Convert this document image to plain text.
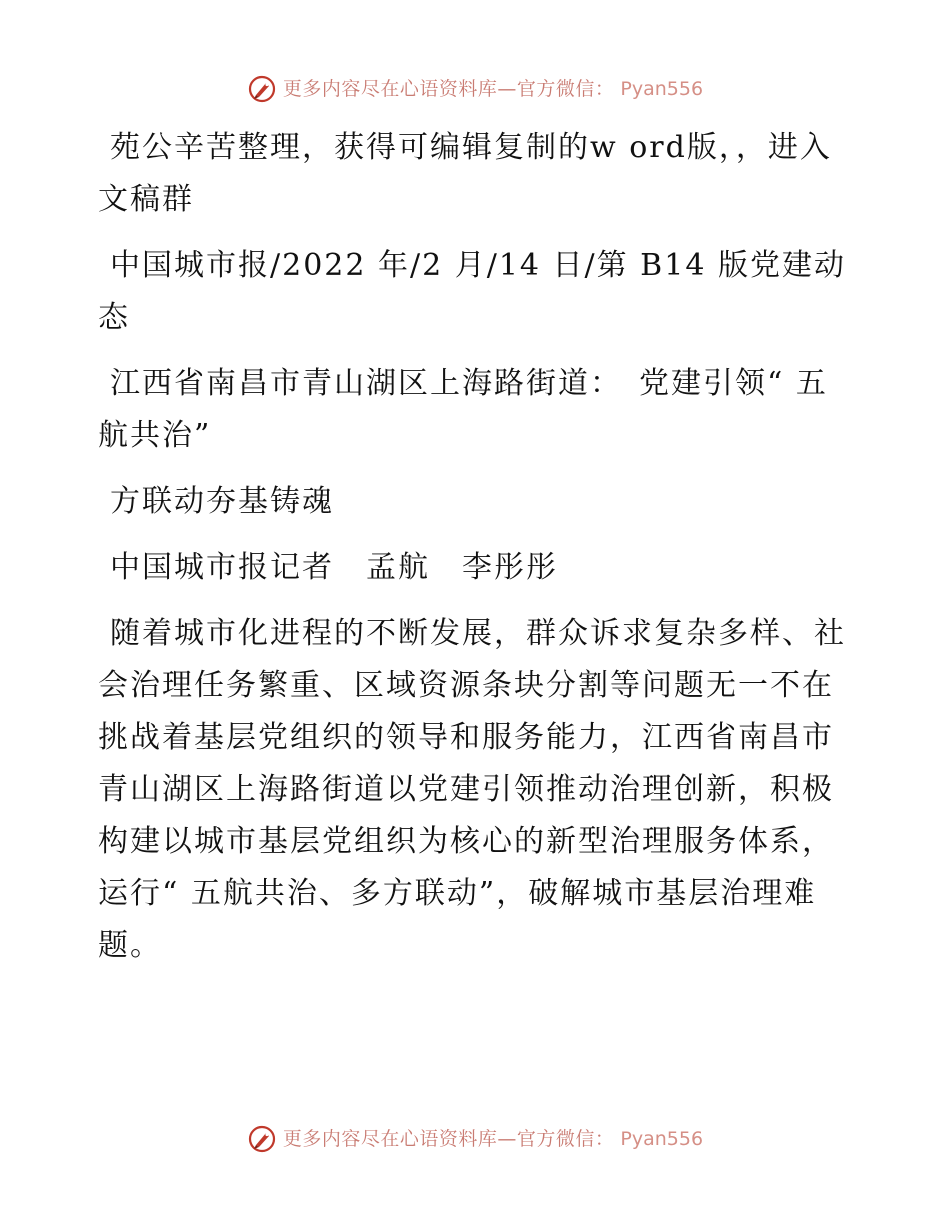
更多内容尽在心语资料库—官方微信： Pyan556

苑公辛苦整理，获得可编辑复制的w ord版，，进入文稿群

中国城市报/2022 年/2 月/14 日/第 B14 版党建动态

江西省南昌市青山湖区上海路街道：　党建引领“ 五航共治”

方联动夯基铸魂

中国城市报记者　孟航　李彤彤

随着城市化进程的不断发展，群众诉求复杂多样、社会治理任务繁重、区域资源条块分割等问题无一不在挑战着基层党组织的领导和服务能力，江西省南昌市青山湖区上海路街道以党建引领推动治理创新，积极构建以城市基层党组织为核心的新型治理服务体系，运行“ 五航共治、多方联动”，破解城市基层治理难题。

更多内容尽在心语资料库—官方微信： Pyan556
